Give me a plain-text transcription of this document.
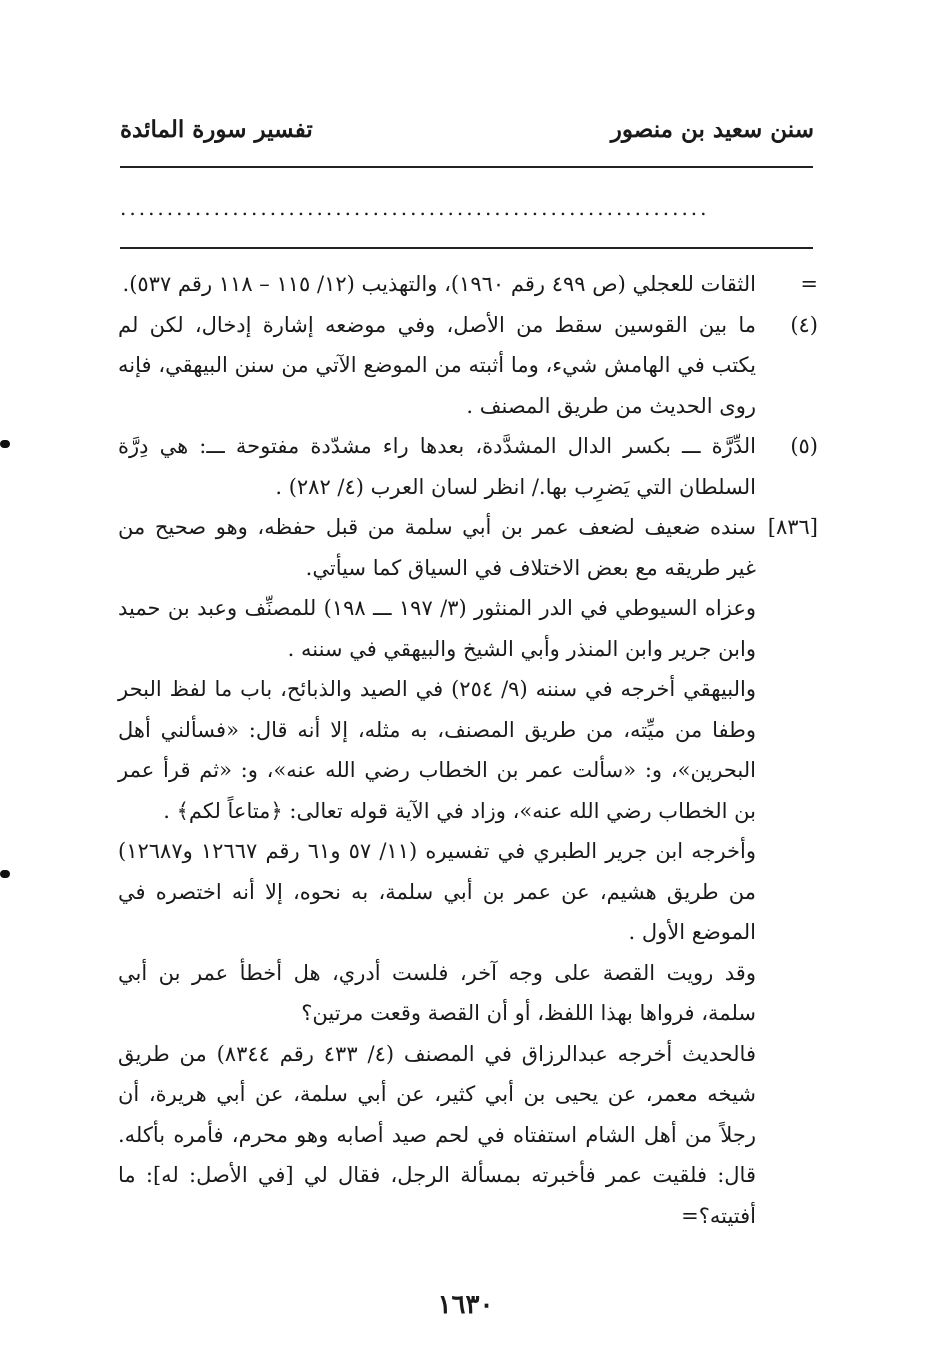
سنن سعيد بن منصور
تفسير سورة المائدة
...............................................................
=

الثقات للعجلي (ص ٤٩٩ رقم ١٩٦٠)، والتهذيب (١٢/ ١١٥ – ١١٨ رقم ٥٣٧).

(٤)

ما بين القوسين سقط من الأصل، وفي موضعه إشارة إدخال، لكن لم يكتب في الهامش شيء، وما أثبته من الموضع الآتي من سنن البيهقي، فإنه روى الحديث من طريق المصنف .

(٥)

الدِّرَّة ـــ بكسر الدال المشدَّدة، بعدها راء مشدّدة مفتوحة ـــ: هي دِرَّة السلطان التي يَضرِب بها./ انظر لسان العرب (٤/ ٢٨٢) .

[٨٣٦]

سنده ضعيف لضعف عمر بن أبي سلمة من قبل حفظه، وهو صحيح من غير طريقه مع بعض الاختلاف في السياق كما سيأتي.

وعزاه السيوطي في الدر المنثور (٣/ ١٩٧ ـــ ١٩٨) للمصنِّف وعبد بن حميد وابن جرير وابن المنذر وأبي الشيخ والبيهقي في سننه .

والبيهقي أخرجه في سننه (٩/ ٢٥٤) في الصيد والذبائح، باب ما لفظ البحر وطفا من ميِّته، من طريق المصنف، به مثله، إلا أنه قال: «فسألني أهل البحرين»، و: «سألت عمر بن الخطاب رضي الله عنه»، و: «ثم قرأ عمر بن الخطاب رضي الله عنه»، وزاد في الآية قوله تعالى: ﴿متاعاً لكم﴾ .

وأخرجه ابن جرير الطبري في تفسيره (١١/ ٥٧ و٦١ رقم ١٢٦٦٧ و١٢٦٨٧) من طريق هشيم، عن عمر بن أبي سلمة، به نحوه، إلا أنه اختصره في الموضع الأول .

وقد رويت القصة على وجه آخر، فلست أدري، هل أخطأ عمر بن أبي سلمة، فرواها بهذا اللفظ، أو أن القصة وقعت مرتين؟

فالحديث أخرجه عبدالرزاق في المصنف (٤/ ٤٣٣ رقم ٨٣٤٤) من طريق شيخه معمر، عن يحيى بن أبي كثير، عن أبي سلمة، عن أبي هريرة، أن رجلاً من أهل الشام استفتاه في لحم صيد أصابه وهو محرم، فأمره بأكله. قال: فلقيت عمر فأخبرته بمسألة الرجل، فقال لي [في الأصل: له]: ما أفتيته؟=

١٦٣٠
